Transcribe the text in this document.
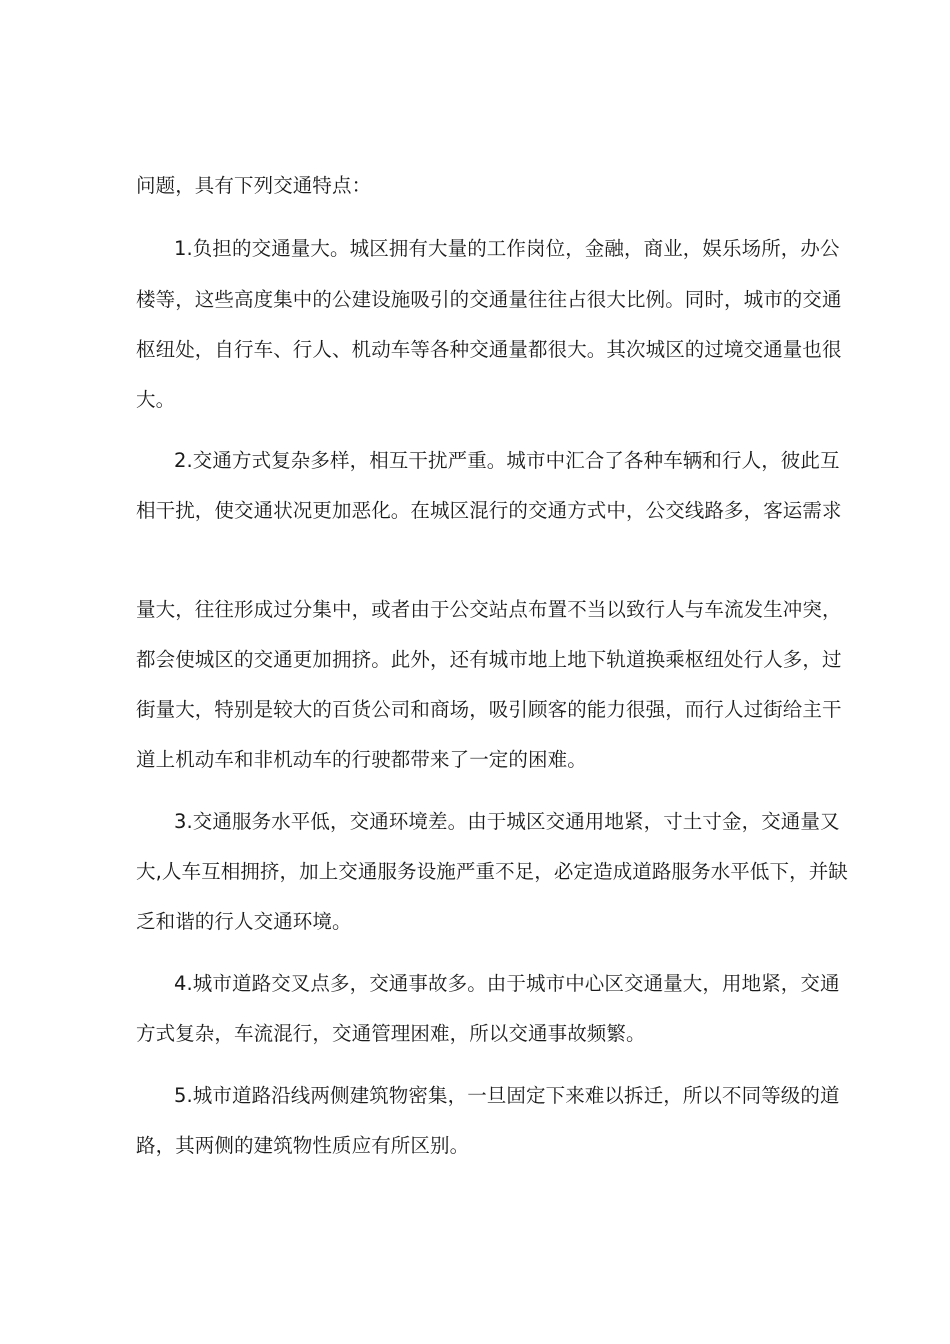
问题，具有下列交通特点：

1.负担的交通量大。城区拥有大量的工作岗位，金融，商业，娱乐场所，办公

楼等，这些高度集中的公建设施吸引的交通量往往占很大比例。同时，城市的交通

枢纽处，自行车、行人、机动车等各种交通量都很大。其次城区的过境交通量也很

大。

2.交通方式复杂多样，相互干扰严重。城市中汇合了各种车辆和行人，彼此互

相干扰，使交通状况更加恶化。在城区混行的交通方式中，公交线路多，客运需求

量大，往往形成过分集中，或者由于公交站点布置不当以致行人与车流发生冲突，

都会使城区的交通更加拥挤。此外，还有城市地上地下轨道换乘枢纽处行人多，过

街量大，特别是较大的百货公司和商场，吸引顾客的能力很强，而行人过街给主干

道上机动车和非机动车的行驶都带来了一定的困难。

3.交通服务水平低，交通环境差。由于城区交通用地紧，寸土寸金，交通量又

大,人车互相拥挤，加上交通服务设施严重不足，必定造成道路服务水平低下，并缺

乏和谐的行人交通环境。

4.城市道路交叉点多，交通事故多。由于城市中心区交通量大，用地紧，交通

方式复杂，车流混行，交通管理困难，所以交通事故频繁。

5.城市道路沿线两侧建筑物密集，一旦固定下来难以拆迁，所以不同等级的道

路，其两侧的建筑物性质应有所区别。
